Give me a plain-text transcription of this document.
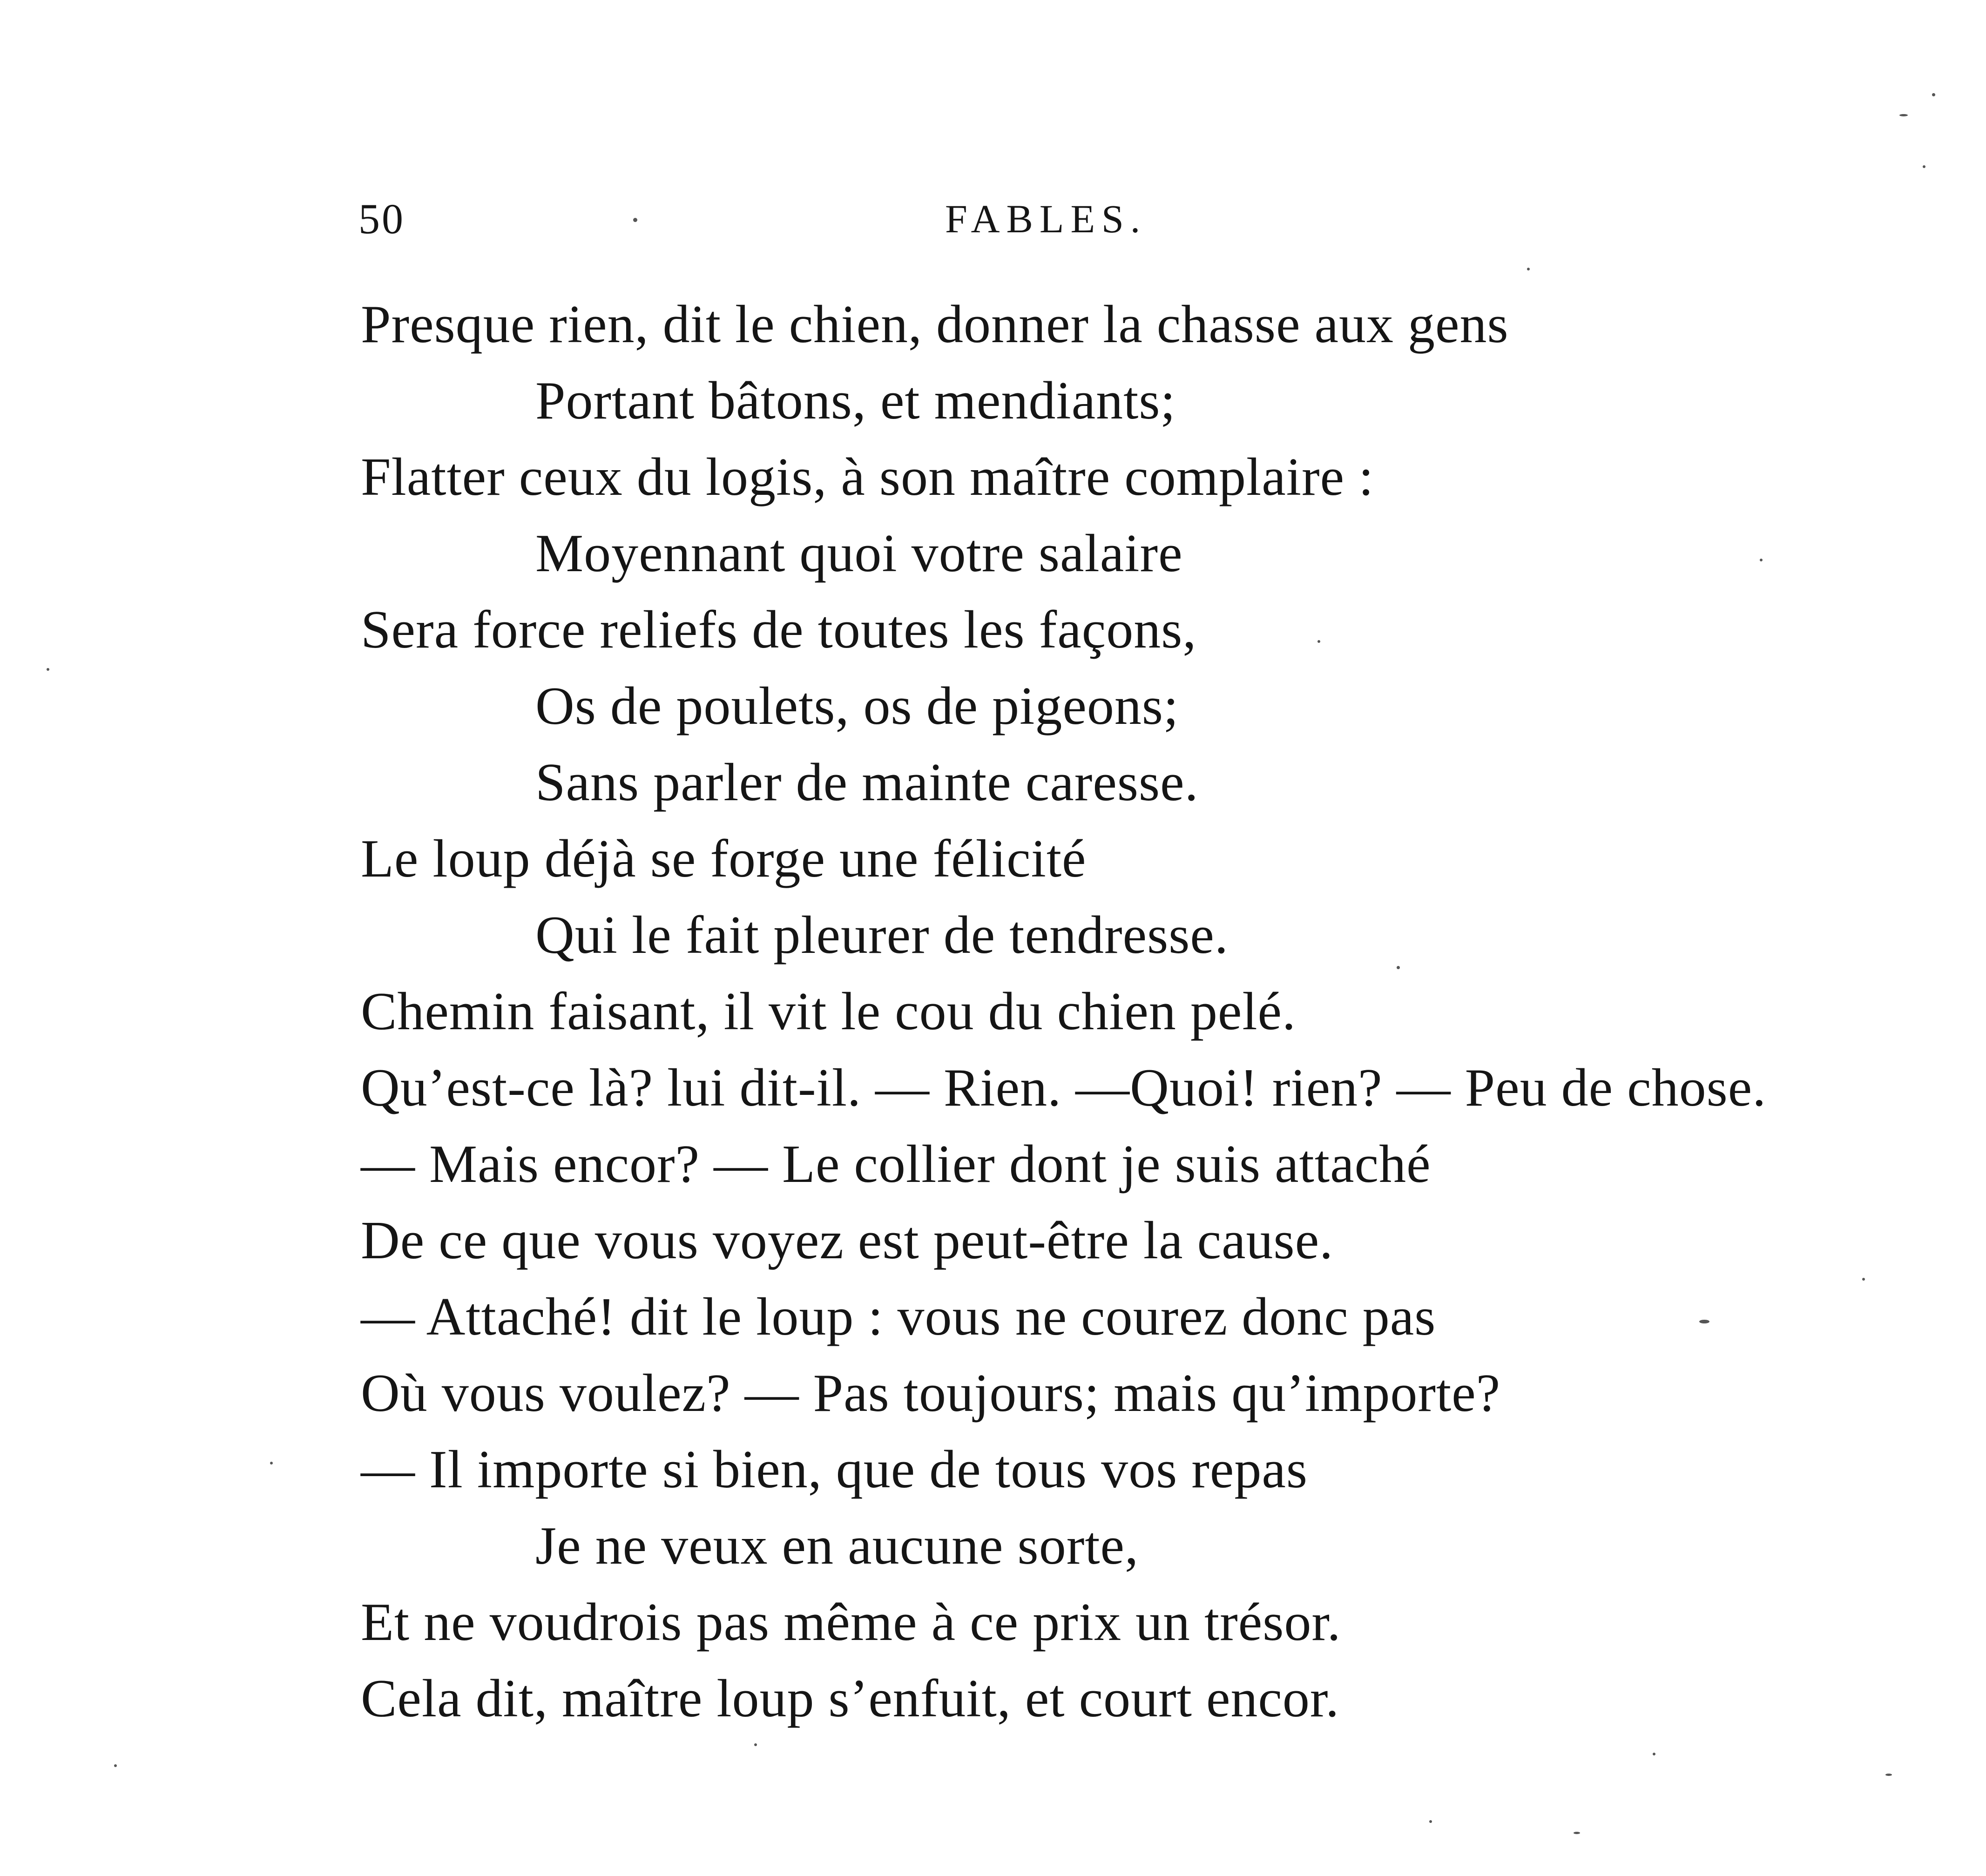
50	FABLES.
Presque rien, dit le chien, donner la chasse aux gens
Portant bâtons, et mendiants;
Flatter ceux du logis, à son maître complaire :
Moyennant quoi votre salaire
Sera force reliefs de toutes les façons,
Os de poulets, os de pigeons;
Sans parler de mainte caresse.
Le loup déjà se forge une félicité
Qui le fait pleurer de tendresse.
Chemin faisant, il vit le cou du chien pelé.
Qu’est-ce là? lui dit-il. — Rien. —Quoi! rien? — Peu de chose.
— Mais encor? — Le collier dont je suis attaché
De ce que vous voyez est peut-être la cause.
— Attaché! dit le loup : vous ne courez donc pas
Où vous voulez? — Pas toujours; mais qu’importe?
— Il importe si bien, que de tous vos repas
Je ne veux en aucune sorte,
Et ne voudrois pas même à ce prix un trésor.
Cela dit, maître loup s’enfuit, et court encor.
